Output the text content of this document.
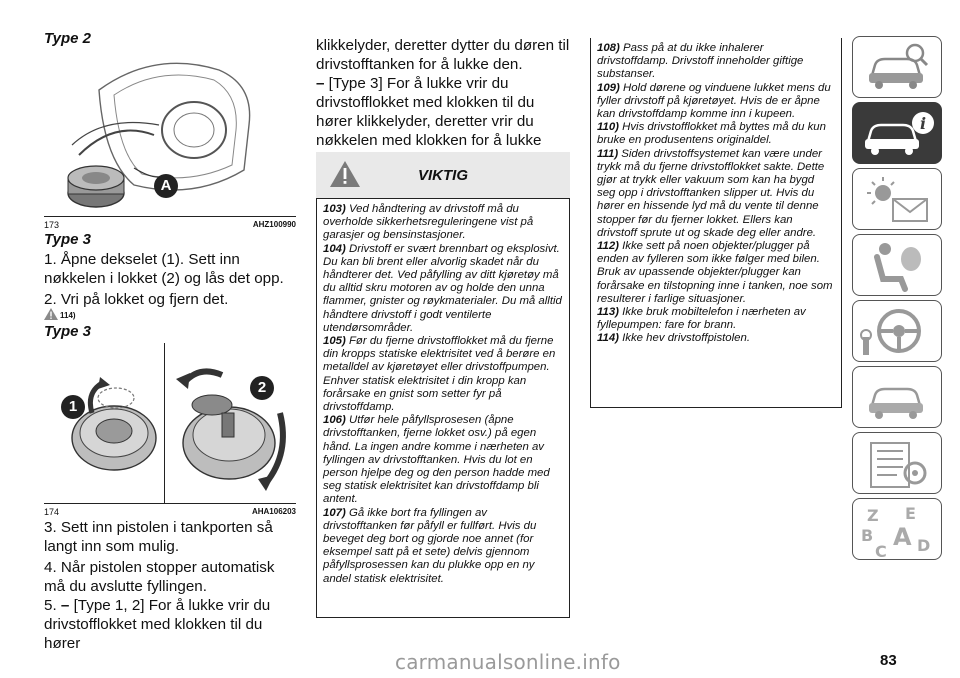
Type 2

A
173	AHZ100990

Type 3

1. Åpne dekselet (1). Sett inn nøkkelen i lokket (2) og lås det opp.

2. Vri på lokket og fjern det.

114)

Type 3

1
2
174	AHA106203

3. Sett inn pistolen i tankporten så langt inn som mulig.

4. Når pistolen stopper automatisk må du avslutte fyllingen.

5. – [Type 1, 2] For å lukke vrir du drivstofflokket med klokken til du hører

klikkelyder, deretter dytter du døren til drivstofftanken for å lukke den.

– [Type 3] For å lukke vrir du drivstofflokket med klokken til du hører klikkelyder, deretter vrir du nøkkelen med klokken for å lukke

VIKTIG

103) Ved håndtering av drivstoff må du overholde sikkerhetsreguleringene vist på garasjer og bensinstasjoner.

104) Drivstoff er svært brennbart og eksplosivt. Du kan bli brent eller alvorlig skadet når du håndterer det. Ved påfylling av ditt kjøretøy må du alltid skru motoren av og holde den unna flammer, gnister og røykmaterialer. Du må alltid håndtere drivstoff i godt ventilerte utendørsområder.

105) Før du fjerne drivstofflokket må du fjerne din kropps statiske elektrisitet ved å berøre en metalldel av kjøretøyet eller drivstoffpumpen. Enhver statisk elektrisitet i din kropp kan forårsake en gnist som setter fyr på drivstoffdamp.

106) Utfør hele påfyllsprosesen (åpne drivstofftanken, fjerne lokket osv.) på egen hånd. La ingen andre komme i nærheten av fyllingen av drivstofftanken. Hvis du lot en person hjelpe deg og den person hadde med seg statisk elektrisitet kan drivstoffdamp bli antent.

107) Gå ikke bort fra fyllingen av drivstofftanken før påfyll er fullført. Hvis du beveget deg bort og gjorde noe annet (for eksempel satt på et sete) delvis gjennom påfyllsprosessen kan du plukke opp en ny andel statisk elektrisitet.

108) Pass på at du ikke inhalerer drivstoffdamp. Drivstoff inneholder giftige substanser.

109) Hold dørene og vinduene lukket mens du fyller drivstoff på kjøretøyet. Hvis de er åpne kan drivstoffdamp komme inn i kupeen.

110) Hvis drivstofflokket må byttes må du kun bruke en produsentens originaldel.

111) Siden drivstoffsystemet kan være under trykk må du fjerne drivstofflokket sakte. Dette gjør at trykk eller vakuum som kan ha bygd seg opp i drivstofftanken slipper ut. Hvis du hører en hissende lyd må du vente til denne stopper før du fjerner lokket. Ellers kan drivstoff sprute ut og skade deg eller andre.

112) Ikke sett på noen objekter/plugger på enden av fylleren som ikke følger med bilen. Bruk av upassende objekter/plugger kan forårsake en tilstopning inne i tanken, noe som resulterer i farlige situasjoner.

113) Ikke bruk mobiltelefon i nærheten av fyllepumpen: fare for brann.

114) Ikke hev drivstoffpistolen.

i
Z E
B A
C D
83
carmanualsonline.info
